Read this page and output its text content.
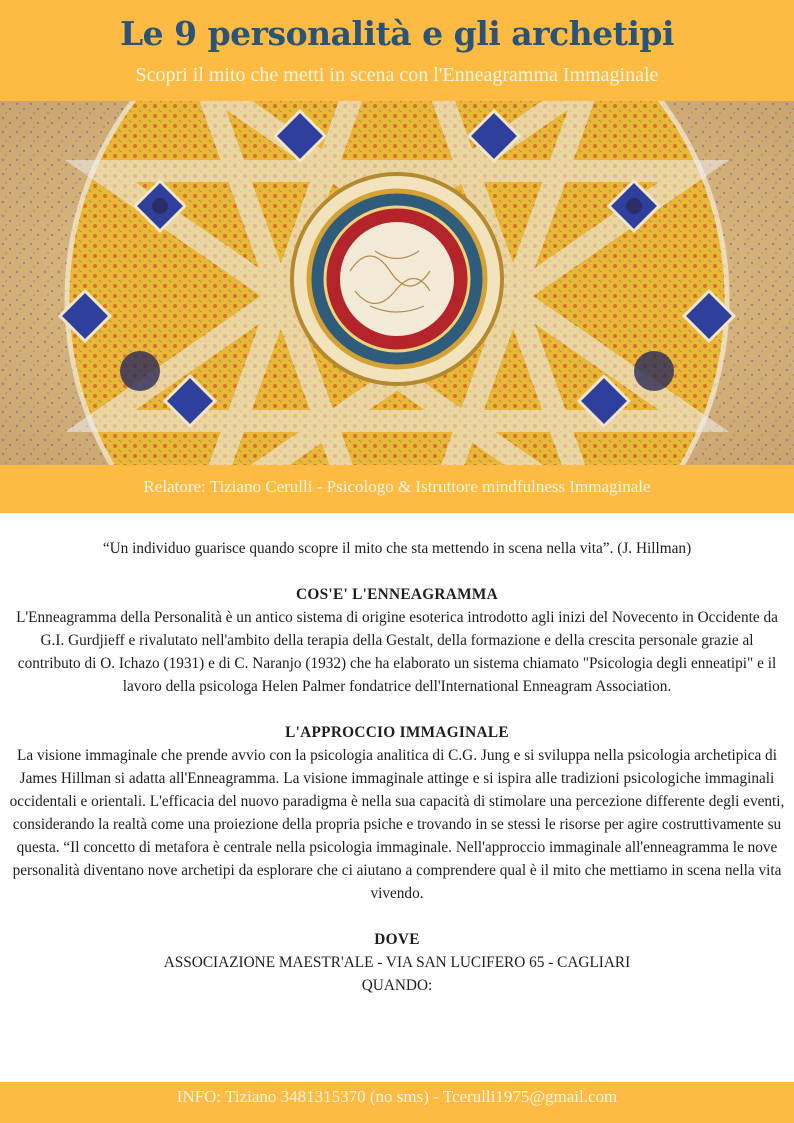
Le 9 personalità e gli archetipi
Scopri il mito che metti in scena con l'Enneagramma Immaginale
Relatore: Tiziano Cerulli - Psicologo & Istruttore mindfulness Immaginale

“Un individuo guarisce quando scopre il mito che sta mettendo in scena nella vita”. (J. Hillman)

COS'E' L'ENNEAGRAMMA

L'Enneagramma della Personalità è un antico sistema di origine esoterica introdotto agli inizi del Novecento in Occidente da G.I. Gurdjieff e rivalutato nell'ambito della terapia della Gestalt, della formazione e della crescita personale grazie al contributo di O. Ichazo (1931) e di C. Naranjo (1932) che ha elaborato un sistema chiamato "Psicologia degli enneatipi" e il lavoro della psicologa Helen Palmer fondatrice dell'International Enneagram Association.

L'APPROCCIO IMMAGINALE

La visione immaginale che prende avvio con la psicologia analitica di C.G. Jung e si sviluppa nella psicologia archetipica di James Hillman si adatta all'Enneagramma. La visione immaginale attinge e si ispira alle tradizioni psicologiche immaginali occidentali e orientali. L'efficacia del nuovo paradigma è nella sua capacità di stimolare una percezione differente degli eventi, considerando la realtà come una proiezione della propria psiche e trovando in se stessi le risorse per agire costruttivamente su questa. “Il concetto di metafora è centrale nella psicologia immaginale. Nell'approccio immaginale all'enneagramma le nove personalità diventano nove archetipi da esplorare che ci aiutano a comprendere qual è il mito che mettiamo in scena nella vita vivendo.

DOVE

ASSOCIAZIONE MAESTR'ALE - VIA SAN LUCIFERO 65 - CAGLIARI

QUANDO:

INFO: Tiziano 3481315370 (no sms) - Tcerulli1975@gmail.com
